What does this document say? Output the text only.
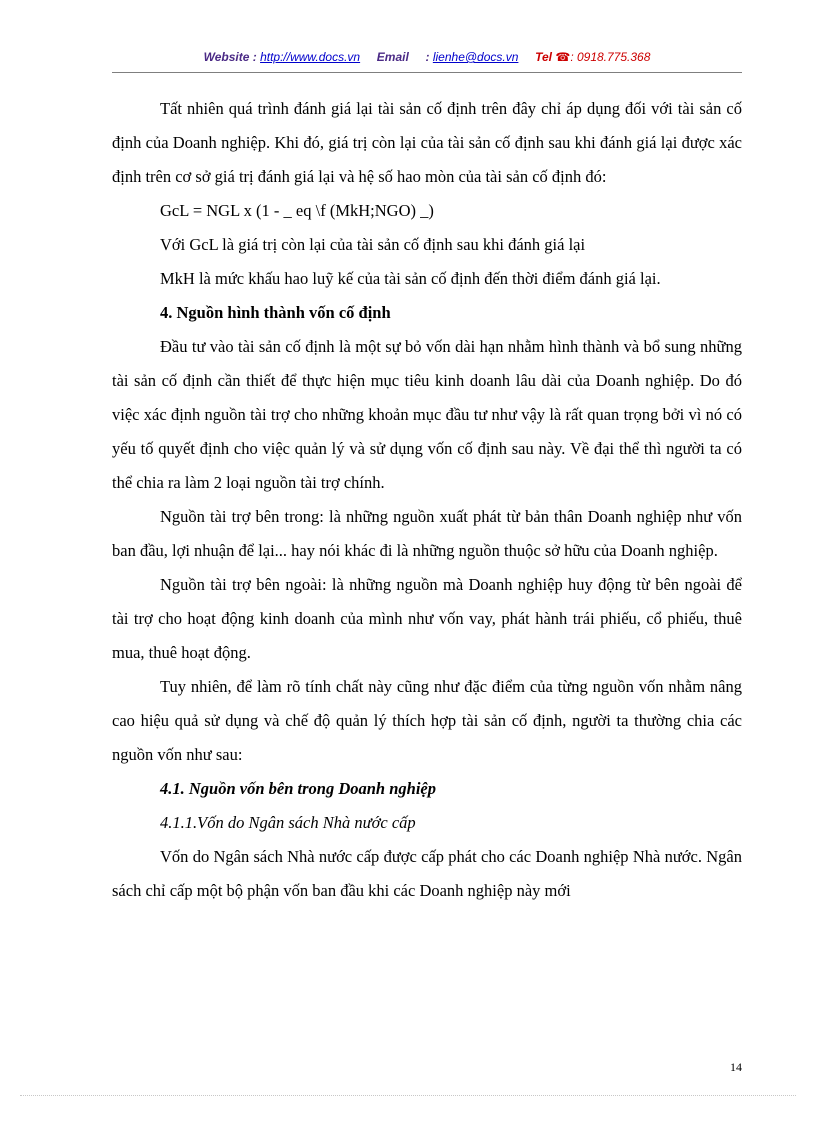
Website : http://www.docs.vn Email : lienhe@docs.vn Tel ☎: 0918.775.368

Tất nhiên quá trình đánh giá lại tài sản cố định trên đây chỉ áp dụng đối với tài sản cố định của Doanh nghiệp. Khi đó, giá trị còn lại của tài sản cố định sau khi đánh giá lại được xác định trên cơ sở giá trị đánh giá lại và hệ số hao mòn của tài sản cố định đó:

GcL = NGL x (1 - _ eq \f (MkH;NGO) _)

Với GcL là giá trị còn lại của tài sản cố định sau khi đánh giá lại

MkH là mức khấu hao luỹ kế của tài sản cố định đến thời điểm đánh giá lại.

4. Nguồn hình thành vốn cố định

Đầu tư vào tài sản cố định là một sự bỏ vốn dài hạn nhằm hình thành và bổ sung những tài sản cố định cần thiết để thực hiện mục tiêu kinh doanh lâu dài của Doanh nghiệp. Do đó việc xác định nguồn tài trợ cho những khoản mục đầu tư như vậy là rất quan trọng bởi vì nó có yếu tố quyết định cho việc quản lý và sử dụng vốn cố định sau này. Về đại thể thì người ta có thể chia ra làm 2 loại nguồn tài trợ chính.

Nguồn tài trợ bên trong: là những nguồn xuất phát từ bản thân Doanh nghiệp như vốn ban đầu, lợi nhuận để lại... hay nói khác đi là những nguồn thuộc sở hữu của Doanh nghiệp.

Nguồn tài trợ bên ngoài: là những nguồn mà Doanh nghiệp huy động từ bên ngoài để tài trợ cho hoạt động kinh doanh của mình như vốn vay, phát hành trái phiếu, cổ phiếu, thuê mua, thuê hoạt động.

Tuy nhiên, để làm rõ tính chất này cũng như đặc điểm của từng nguồn vốn nhằm nâng cao hiệu quả sử dụng và chế độ quản lý thích hợp tài sản cố định, người ta thường chia các nguồn vốn như sau:

4.1. Nguồn vốn bên trong Doanh nghiệp

4.1.1.Vốn do Ngân sách Nhà nước cấp

Vốn do Ngân sách Nhà nước cấp được cấp phát cho các Doanh nghiệp Nhà nước. Ngân sách chỉ cấp một bộ phận vốn ban đầu khi các Doanh nghiệp này mới

14
